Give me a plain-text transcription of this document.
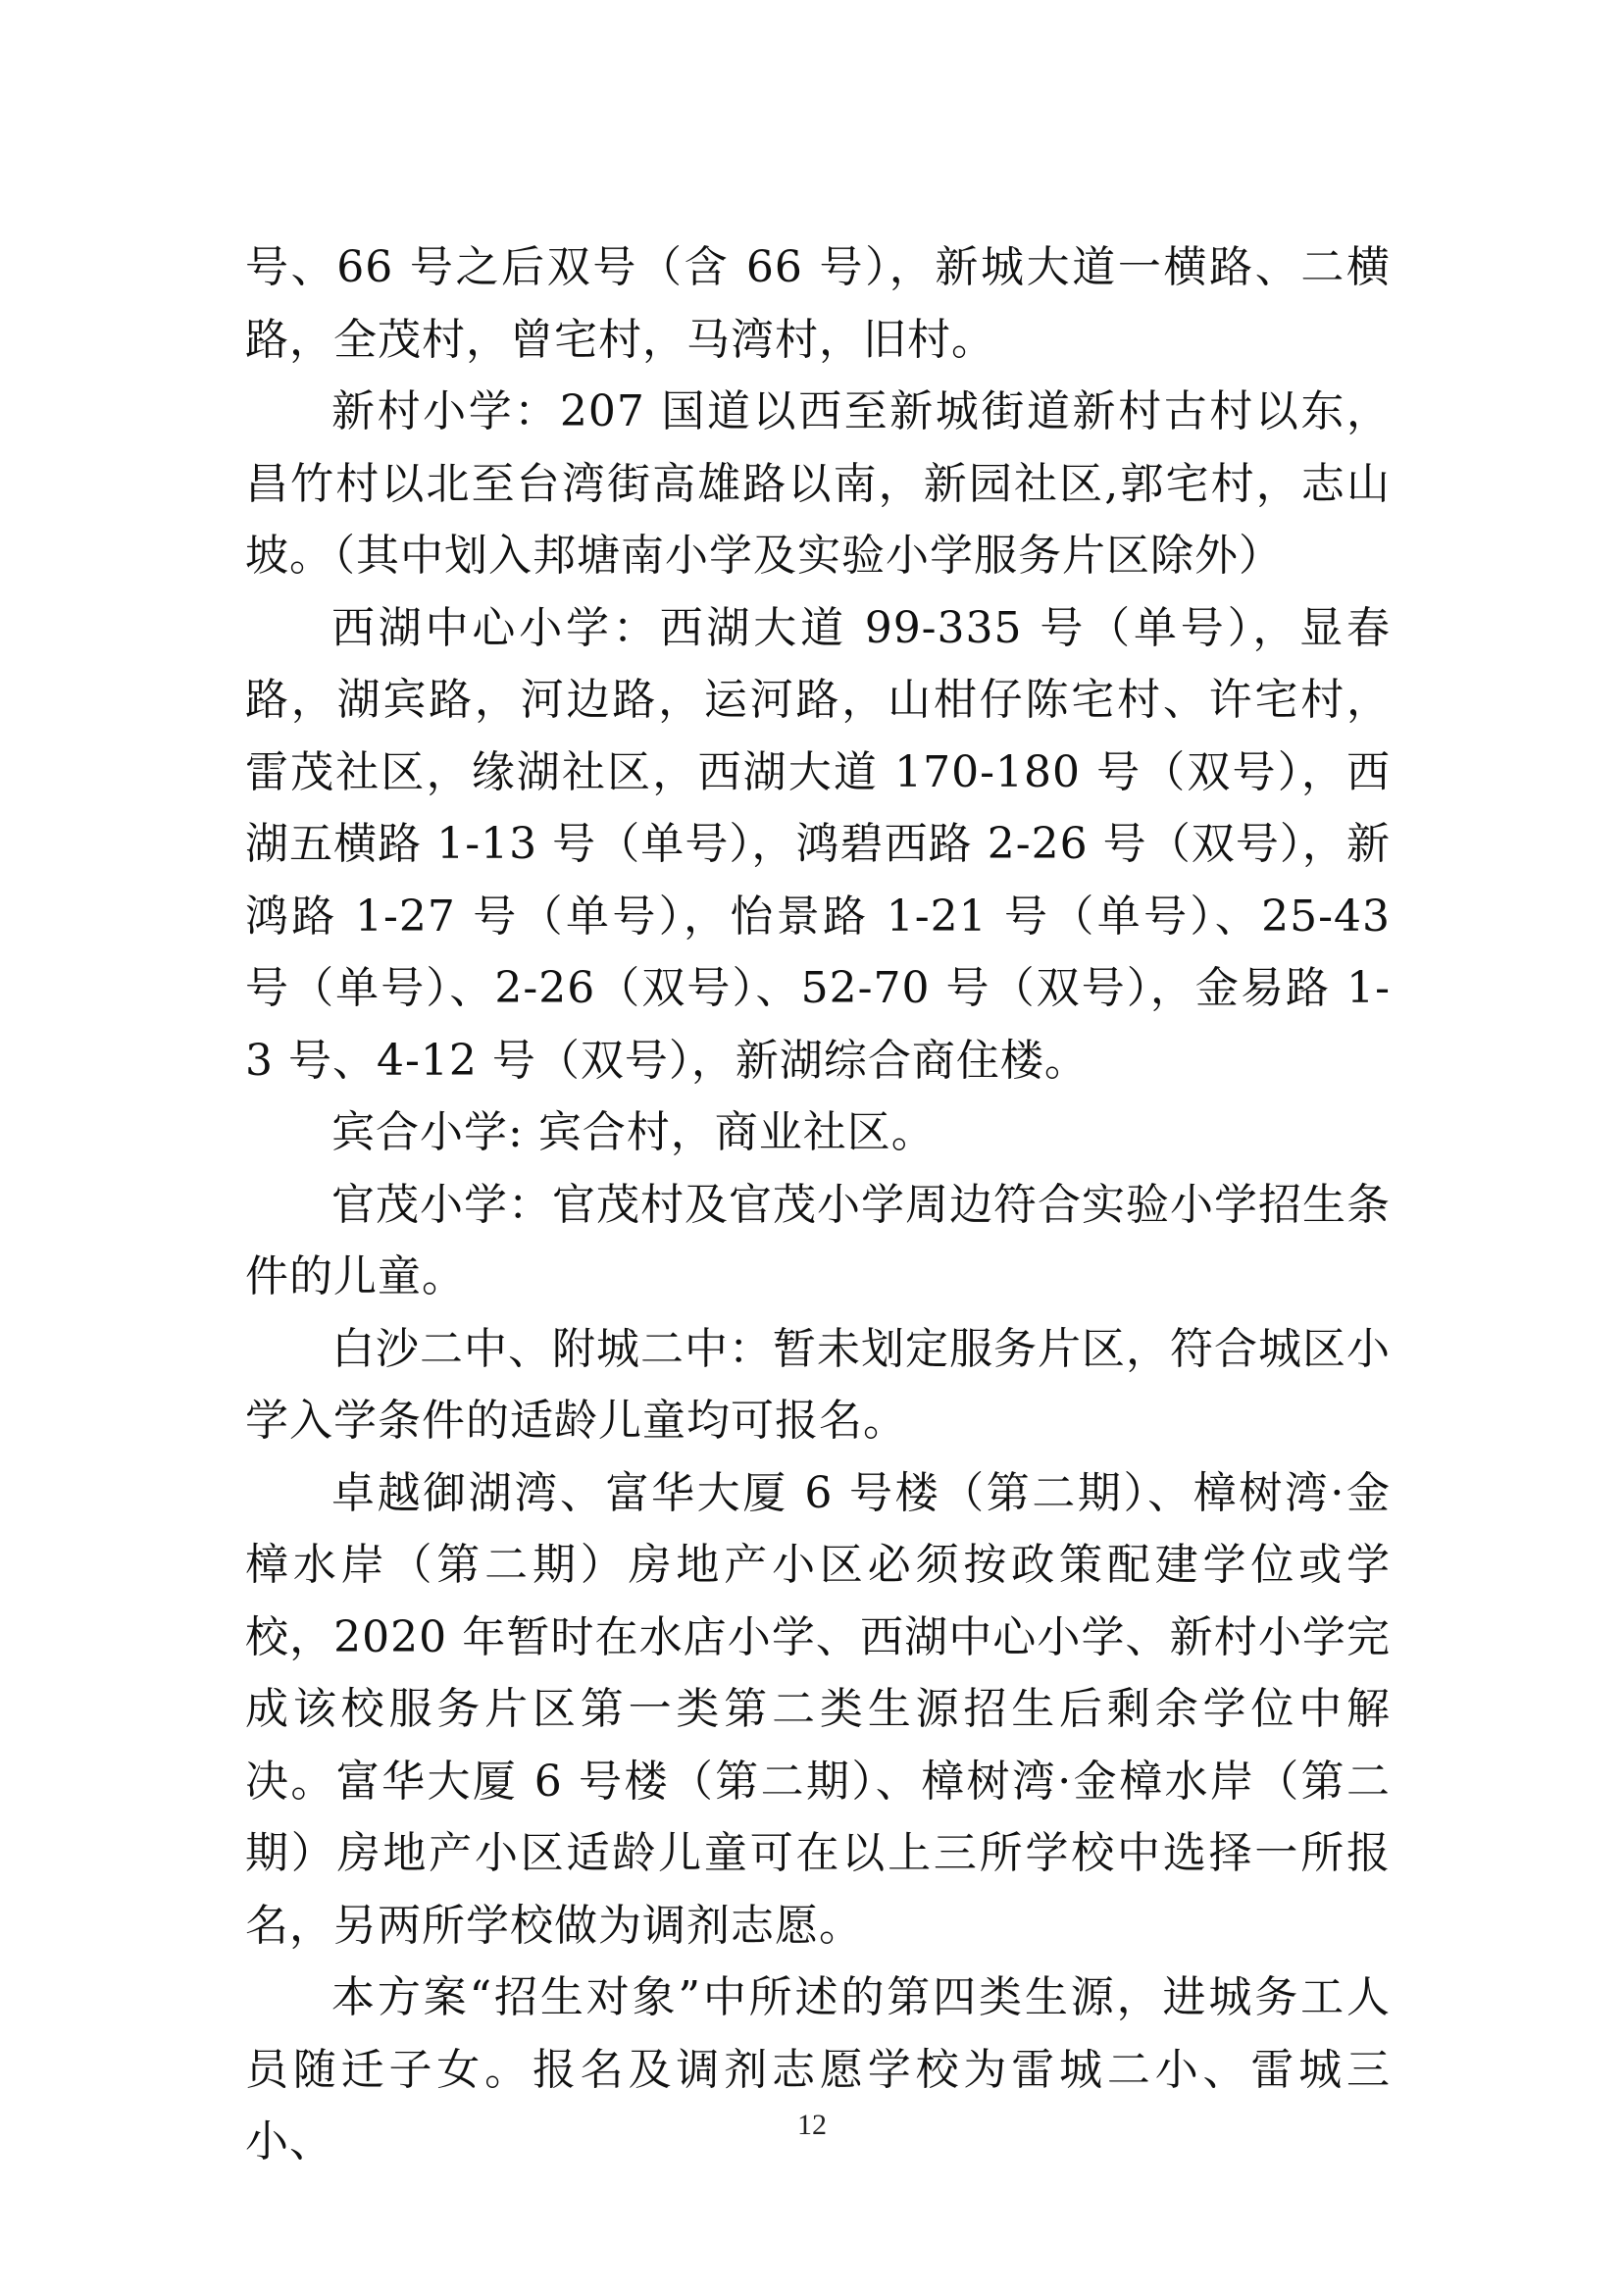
号、66 号之后双号（含 66 号），新城大道一横路、二横路，全茂村，曾宅村，马湾村，旧村。

新村小学：207 国道以西至新城街道新村古村以东，昌竹村以北至台湾街高雄路以南，新园社区,郭宅村，志山坡。（其中划入邦塘南小学及实验小学服务片区除外）

西湖中心小学：西湖大道 99-335 号（单号），显春路，湖宾路，河边路，运河路，山柑仔陈宅村、许宅村，雷茂社区，缘湖社区，西湖大道 170-180 号（双号），西湖五横路 1-13 号（单号），鸿碧西路 2-26 号（双号），新鸿路 1-27 号（单号），怡景路 1-21 号（单号）、25-43 号（单号）、2-26（双号）、52-70 号（双号），金易路 1-3 号、4-12 号（双号），新湖综合商住楼。

宾合小学: 宾合村，商业社区。

官茂小学：官茂村及官茂小学周边符合实验小学招生条件的儿童。

白沙二中、附城二中：暂未划定服务片区，符合城区小学入学条件的适龄儿童均可报名。

卓越御湖湾、富华大厦 6 号楼（第二期）、樟树湾·金樟水岸（第二期）房地产小区必须按政策配建学位或学校，2020 年暂时在水店小学、西湖中心小学、新村小学完成该校服务片区第一类第二类生源招生后剩余学位中解决。富华大厦 6 号楼（第二期）、樟树湾·金樟水岸（第二期）房地产小区适龄儿童可在以上三所学校中选择一所报名，另两所学校做为调剂志愿。

本方案“招生对象”中所述的第四类生源，进城务工人员随迁子女。报名及调剂志愿学校为雷城二小、雷城三小、	12
